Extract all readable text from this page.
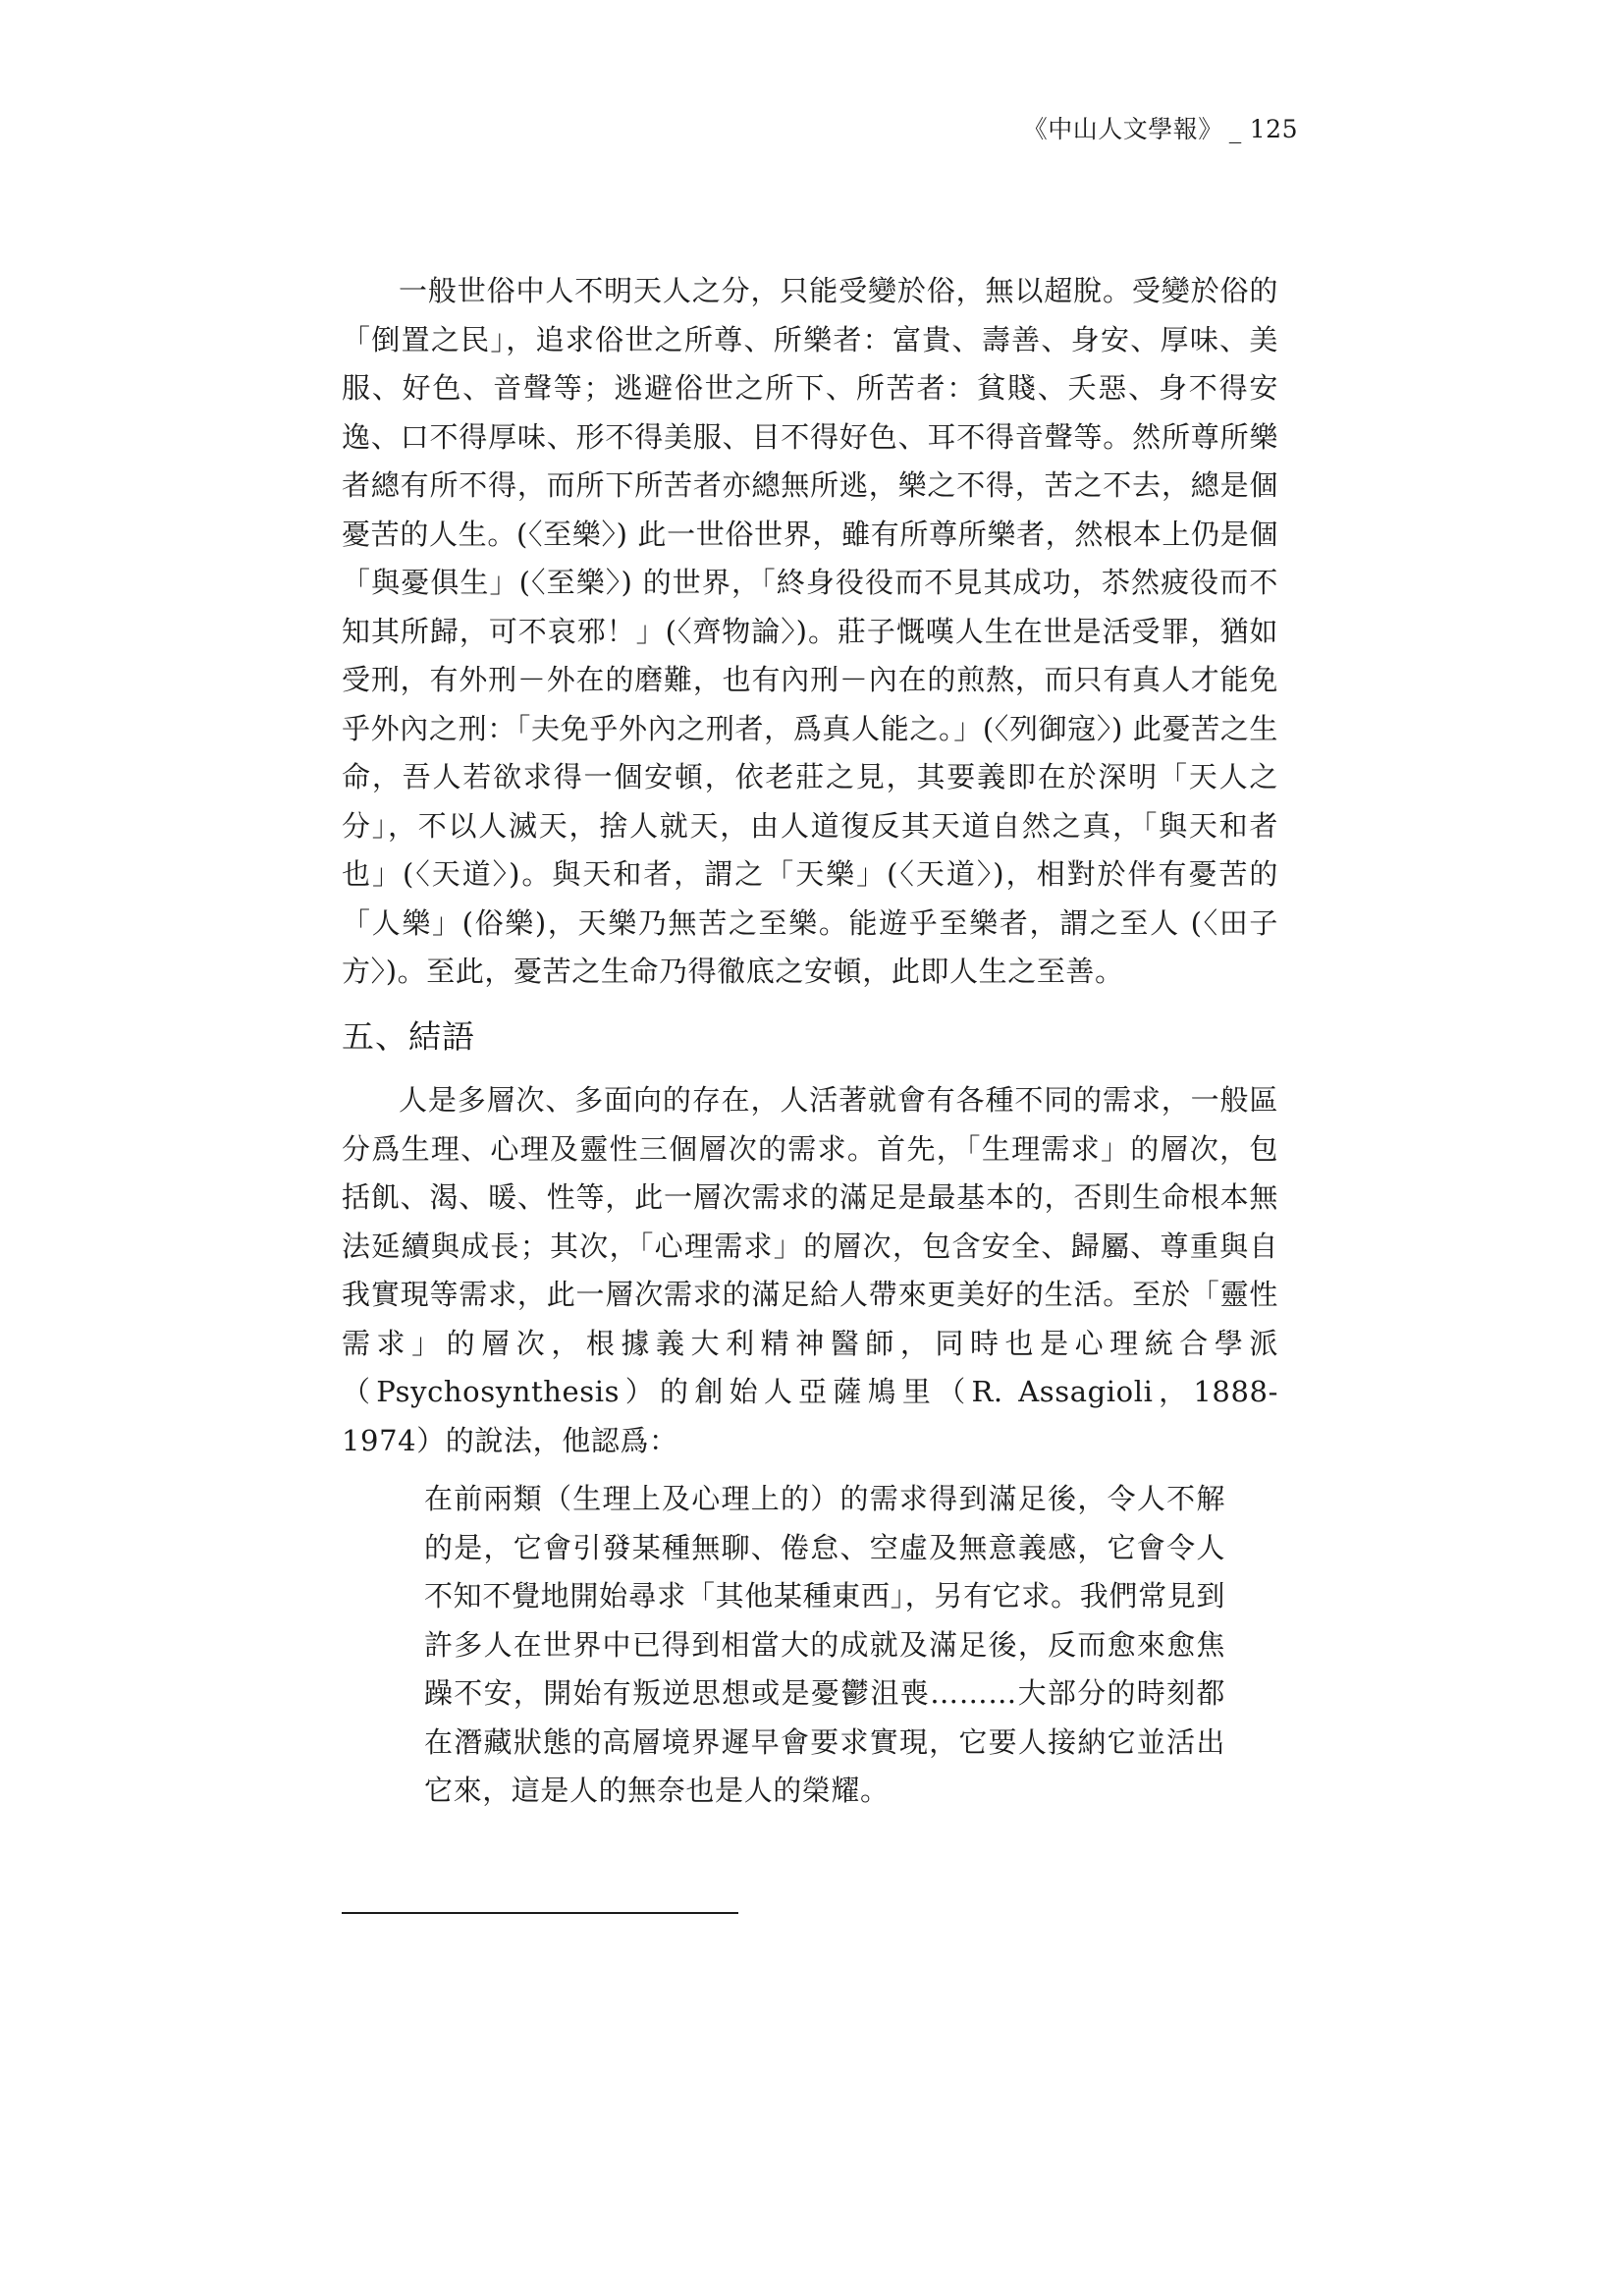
《中山人文學報》 _ 125

一般世俗中人不明天人之分，只能受變於俗，無以超脫。受變於俗的「倒置之民」，追求俗世之所尊、所樂者：富貴、壽善、身安、厚味、美服、好色、音聲等；逃避俗世之所下、所苦者：貧賤、夭惡、身不得安逸、口不得厚味、形不得美服、目不得好色、耳不得音聲等。然所尊所樂者總有所不得，而所下所苦者亦總無所逃，樂之不得，苦之不去，總是個憂苦的人生。(〈至樂〉) 此一世俗世界，雖有所尊所樂者，然根本上仍是個「與憂俱生」(〈至樂〉) 的世界，「終身役役而不見其成功，苶然疲役而不知其所歸，可不哀邪！」(〈齊物論〉)。莊子慨嘆人生在世是活受罪，猶如受刑，有外刑－外在的磨難，也有內刑－內在的煎熬，而只有真人才能免乎外內之刑：「夫免乎外內之刑者，爲真人能之。」(〈列御寇〉) 此憂苦之生命，吾人若欲求得一個安頓，依老莊之見，其要義即在於深明「天人之分」，不以人滅天，捨人就天，由人道復反其天道自然之真，「與天和者也」(〈天道〉)。與天和者，謂之「天樂」(〈天道〉)，相對於伴有憂苦的「人樂」(俗樂)，天樂乃無苦之至樂。能遊乎至樂者，謂之至人 (〈田子方〉)。至此，憂苦之生命乃得徹底之安頓，此即人生之至善。

五、結語

人是多層次、多面向的存在，人活著就會有各種不同的需求，一般區分爲生理、心理及靈性三個層次的需求。首先，「生理需求」的層次，包括飢、渴、暖、性等，此一層次需求的滿足是最基本的，否則生命根本無法延續與成長；其次，「心理需求」的層次，包含安全、歸屬、尊重與自我實現等需求，此一層次需求的滿足給人帶來更美好的生活。至於「靈性需求」的層次，根據義大利精神醫師，同時也是心理統合學派（Psychosynthesis）的創始人亞薩鳩里（R. Assagioli，1888-1974）的說法，他認爲：

在前兩類（生理上及心理上的）的需求得到滿足後，令人不解的是，它會引發某種無聊、倦怠、空虛及無意義感，它會令人不知不覺地開始尋求「其他某種東西」，另有它求。我們常見到許多人在世界中已得到相當大的成就及滿足後，反而愈來愈焦躁不安，開始有叛逆思想或是憂鬱沮喪………大部分的時刻都在潛藏狀態的高層境界遲早會要求實現，它要人接納它並活出它來，這是人的無奈也是人的榮耀。
